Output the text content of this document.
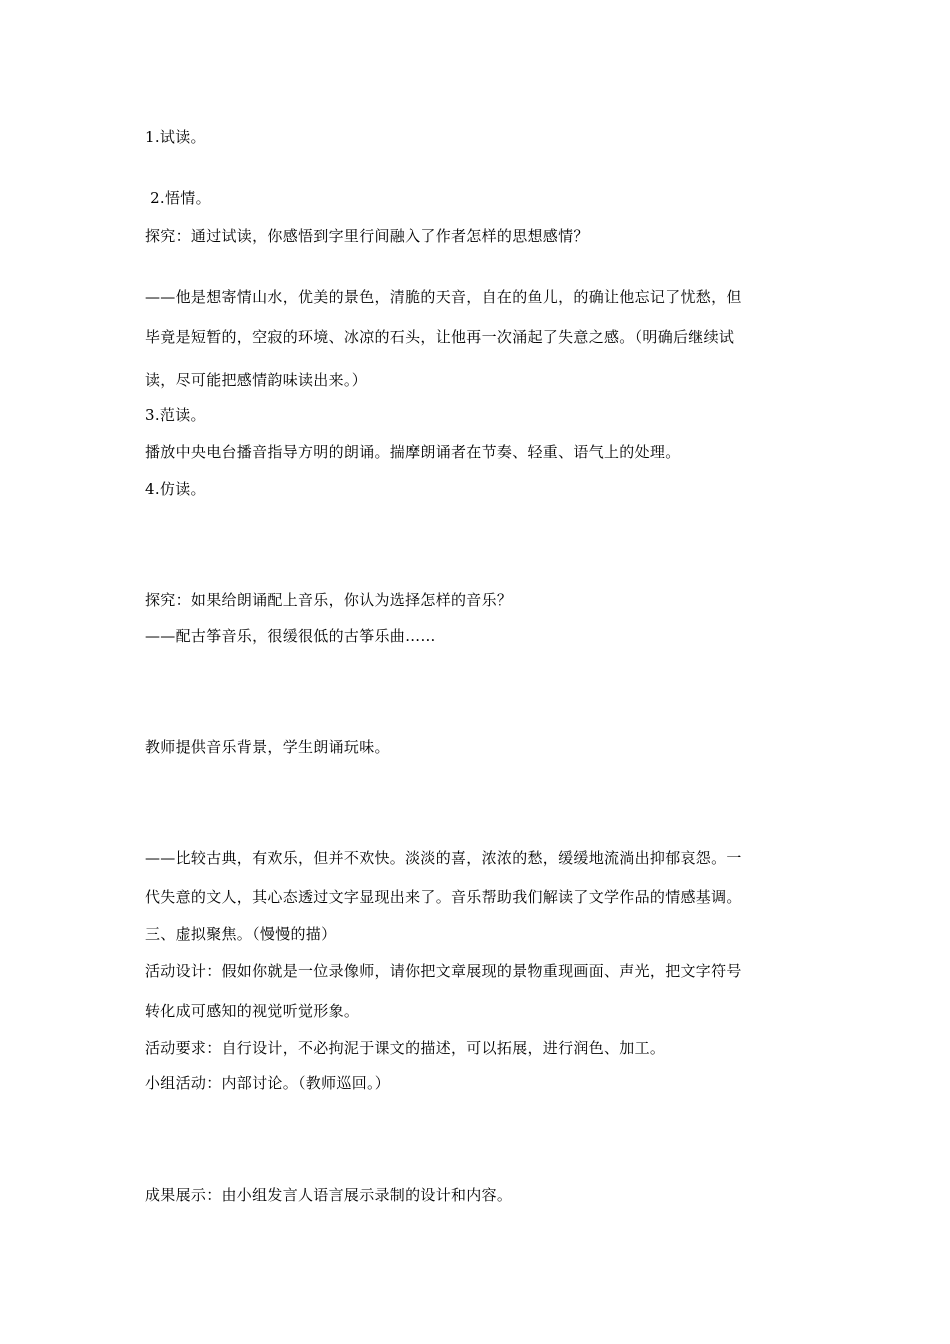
1.试读。
2.悟情。
探究：通过试读，你感悟到字里行间融入了作者怎样的思想感情？
——他是想寄情山水，优美的景色，清脆的天音，自在的鱼儿，的确让他忘记了忧愁，但
毕竟是短暂的，空寂的环境、冰凉的石头，让他再一次涌起了失意之感。（明确后继续试
读，尽可能把感情韵味读出来。）
3.范读。
播放中央电台播音指导方明的朗诵。揣摩朗诵者在节奏、轻重、语气上的处理。
4.仿读。
探究：如果给朗诵配上音乐，你认为选择怎样的音乐？
——配古筝音乐，很缓很低的古筝乐曲……
教师提供音乐背景，学生朗诵玩味。
——比较古典，有欢乐，但并不欢快。淡淡的喜，浓浓的愁，缓缓地流淌出抑郁哀怨。一
代失意的文人，其心态透过文字显现出来了。音乐帮助我们解读了文学作品的情感基调。
三、虚拟聚焦。（慢慢的描）
活动设计：假如你就是一位录像师，请你把文章展现的景物重现画面、声光，把文字符号
转化成可感知的视觉听觉形象。
活动要求：自行设计，不必拘泥于课文的描述，可以拓展，进行润色、加工。
小组活动：内部讨论。（教师巡回。）
成果展示：由小组发言人语言展示录制的设计和内容。
